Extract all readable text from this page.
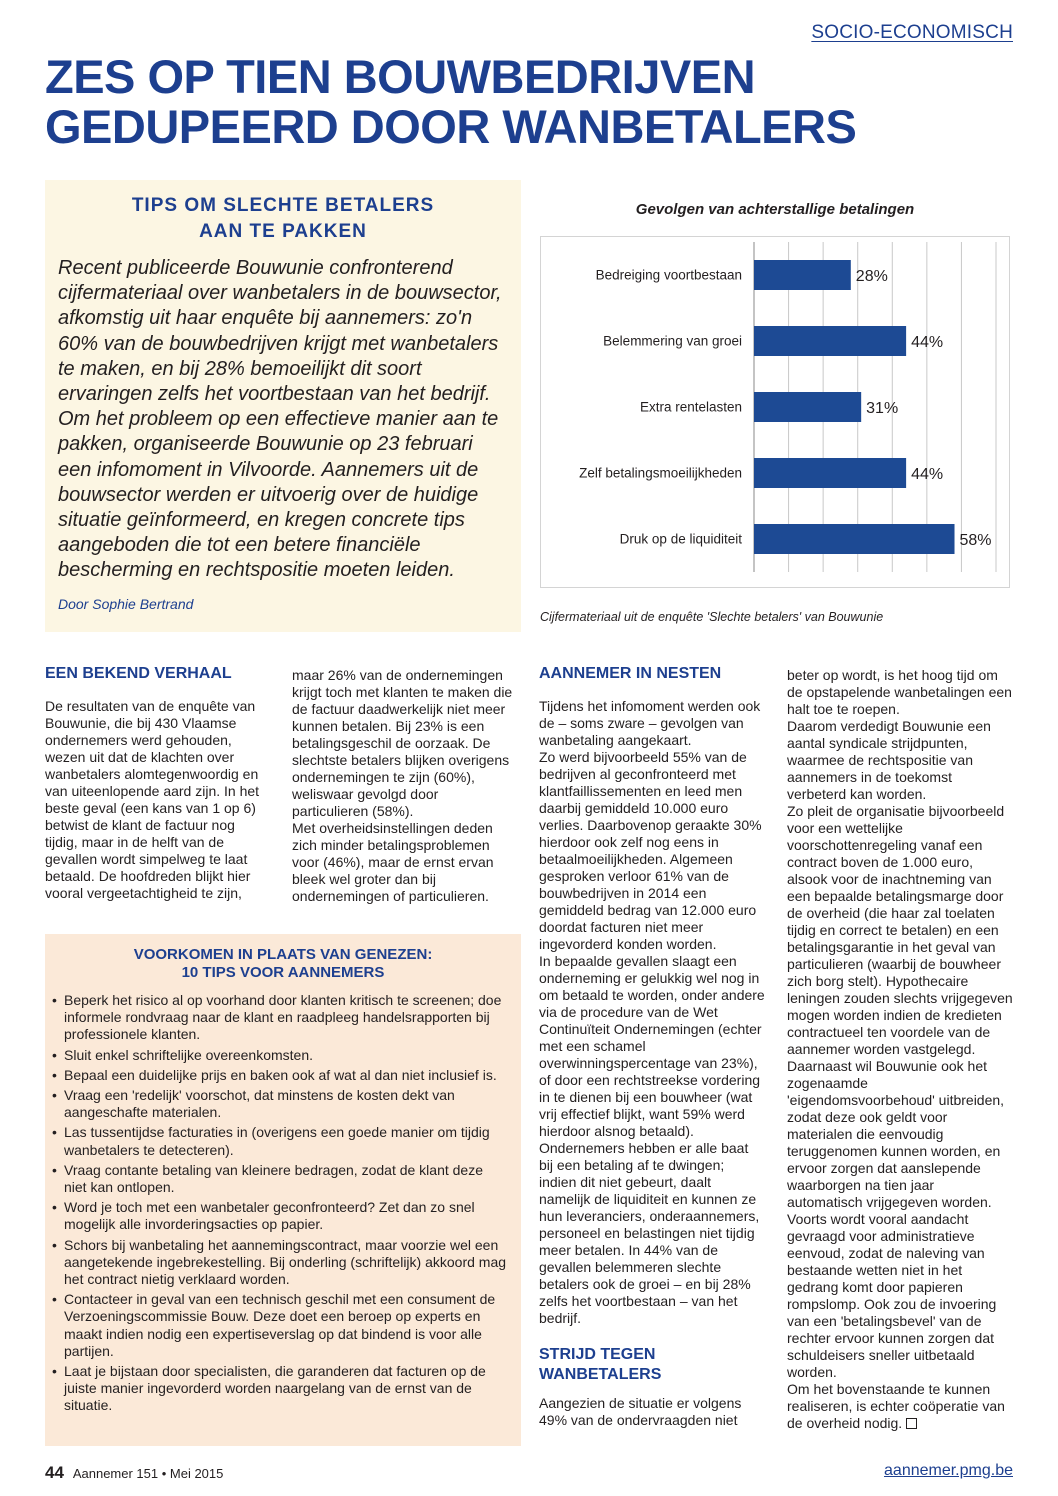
SOCIO-ECONOMISCH
ZES OP TIEN BOUWBEDRIJVEN
GEDUPEERD DOOR WANBETALERS
TIPS OM SLECHTE BETALERS
AAN TE PAKKEN

Recent publiceerde Bouwunie confronterend cijfermateriaal over wanbetalers in de bouwsector, afkomstig uit haar enquête bij aannemers: zo'n 60% van de bouwbedrijven krijgt met wanbetalers te maken, en bij 28% bemoeilijkt dit soort ervaringen zelfs het voortbestaan van het bedrijf. Om het probleem op een effectieve manier aan te pakken, organiseerde Bouwunie op 23 februari een infomoment in Vilvoorde. Aannemers uit de bouwsector werden er uitvoerig over de huidige situatie geïnformeerd, en kregen concrete tips aangeboden die tot een betere financiële bescherming en rechtspositie moeten leiden.

Door Sophie Bertrand
Gevolgen van achterstallige betalingen
Bedreiging voortbestaan	28%
Belemmering van groei	44%
Extra rentelasten	31%
Zelf betalingsmoeilijkheden	44%
Druk op de liquiditeit	58%
Cijfermateriaal uit de enquête 'Slechte betalers' van Bouwunie
EEN BEKEND VERHAAL

De resultaten van de enquête van Bouwunie, die bij 430 Vlaamse ondernemers werd gehouden, wezen uit dat de klachten over wanbetalers alomtegenwoordig en van uiteenlopende aard zijn. In het beste geval (een kans van 1 op 6) betwist de klant de factuur nog tijdig, maar in de helft van de gevallen wordt simpelweg te laat betaald. De hoofdreden blijkt hier vooral vergeetachtigheid te zijn,

maar 26% van de ondernemingen krijgt toch met klanten te maken die de factuur daadwerkelijk niet meer kunnen betalen. Bij 23% is een betalingsgeschil de oorzaak. De slechtste betalers blijken overigens ondernemingen te zijn (60%), weliswaar gevolgd door particulieren (58%).

Met overheidsinstellingen deden zich minder betalingsproblemen voor (46%), maar de ernst ervan bleek wel groter dan bij ondernemingen of particulieren.

VOORKOMEN IN PLAATS VAN GENEZEN:
10 TIPS VOOR AANNEMERS
• Beperk het risico al op voorhand door klanten kritisch te screenen; doe informele rondvraag naar de klant en raadpleeg handelsrapporten bij professionele klanten.
• Sluit enkel schriftelijke overeenkomsten.
• Bepaal een duidelijke prijs en baken ook af wat al dan niet inclusief is.
• Vraag een 'redelijk' voorschot, dat minstens de kosten dekt van aangeschafte materialen.
• Las tussentijdse facturaties in (overigens een goede manier om tijdig wanbetalers te detecteren).
• Vraag contante betaling van kleinere bedragen, zodat de klant deze niet kan ontlopen.
• Word je toch met een wanbetaler geconfronteerd? Zet dan zo snel mogelijk alle invorderingsacties op papier.
• Schors bij wanbetaling het aannemingscontract, maar voorzie wel een aangetekende ingebrekestelling. Bij onderling (schriftelijk) akkoord mag het contract nietig verklaard worden.
• Contacteer in geval van een technisch geschil met een consument de Verzoeningscommissie Bouw. Deze doet een beroep op experts en maakt indien nodig een expertiseverslag op dat bindend is voor alle partijen.
• Laat je bijstaan door specialisten, die garanderen dat facturen op de juiste manier ingevorderd worden naargelang van de ernst van de situatie.
AANNEMER IN NESTEN

Tijdens het infomoment werden ook de – soms zware – gevolgen van wanbetaling aangekaart.

Zo werd bijvoorbeeld 55% van de bedrijven al geconfronteerd met klantfaillissementen en leed men daarbij gemiddeld 10.000 euro verlies. Daarbovenop geraakte 30% hierdoor ook zelf nog eens in betaalmoeilijkheden. Algemeen gesproken verloor 61% van de bouwbedrijven in 2014 een gemiddeld bedrag van 12.000 euro doordat facturen niet meer ingevorderd konden worden.

In bepaalde gevallen slaagt een onderneming er gelukkig wel nog in om betaald te worden, onder andere via de procedure van de Wet Continuïteit Ondernemingen (echter met een schamel overwinningspercentage van 23%), of door een rechtstreekse vordering in te dienen bij een bouwheer (wat vrij effectief blijkt, want 59% werd hierdoor alsnog betaald).

Ondernemers hebben er alle baat bij een betaling af te dwingen; indien dit niet gebeurt, daalt namelijk de liquiditeit en kunnen ze hun leveranciers, onderaannemers, personeel en belastingen niet tijdig meer betalen. In 44% van de gevallen belemmeren slechte betalers ook de groei – en bij 28% zelfs het voortbestaan – van het bedrijf.

STRIJD TEGEN WANBETALERS

Aangezien de situatie er volgens 49% van de ondervraagden niet

beter op wordt, is het hoog tijd om de opstapelende wanbetalingen een halt toe te roepen.

Daarom verdedigt Bouwunie een aantal syndicale strijdpunten, waarmee de rechtspositie van aannemers in de toekomst verbeterd kan worden.

Zo pleit de organisatie bijvoorbeeld voor een wettelijke voorschottenregeling vanaf een contract boven de 1.000 euro, alsook voor de inachtneming van een bepaalde betalingsmarge door de overheid (die haar zal toelaten tijdig en correct te betalen) en een betalingsgarantie in het geval van particulieren (waarbij de bouwheer zich borg stelt). Hypothecaire leningen zouden slechts vrijgegeven mogen worden indien de kredieten contractueel ten voordele van de aannemer worden vastgelegd.

Daarnaast wil Bouwunie ook het zogenaamde 'eigendomsvoorbehoud' uitbreiden, zodat deze ook geldt voor materialen die eenvoudig teruggenomen kunnen worden, en ervoor zorgen dat aanslepende waarborgen na tien jaar automatisch vrijgegeven worden.

Voorts wordt vooral aandacht gevraagd voor administratieve eenvoud, zodat de naleving van bestaande wetten niet in het gedrang komt door papieren rompslomp. Ook zou de invoering van een 'betalingsbevel' van de rechter ervoor kunnen zorgen dat schuldeisers sneller uitbetaald worden.

Om het bovenstaande te kunnen realiseren, is echter coöperatie van de overheid nodig.

44 Aannemer 151 • Mei 2015	aannemer.pmg.be
